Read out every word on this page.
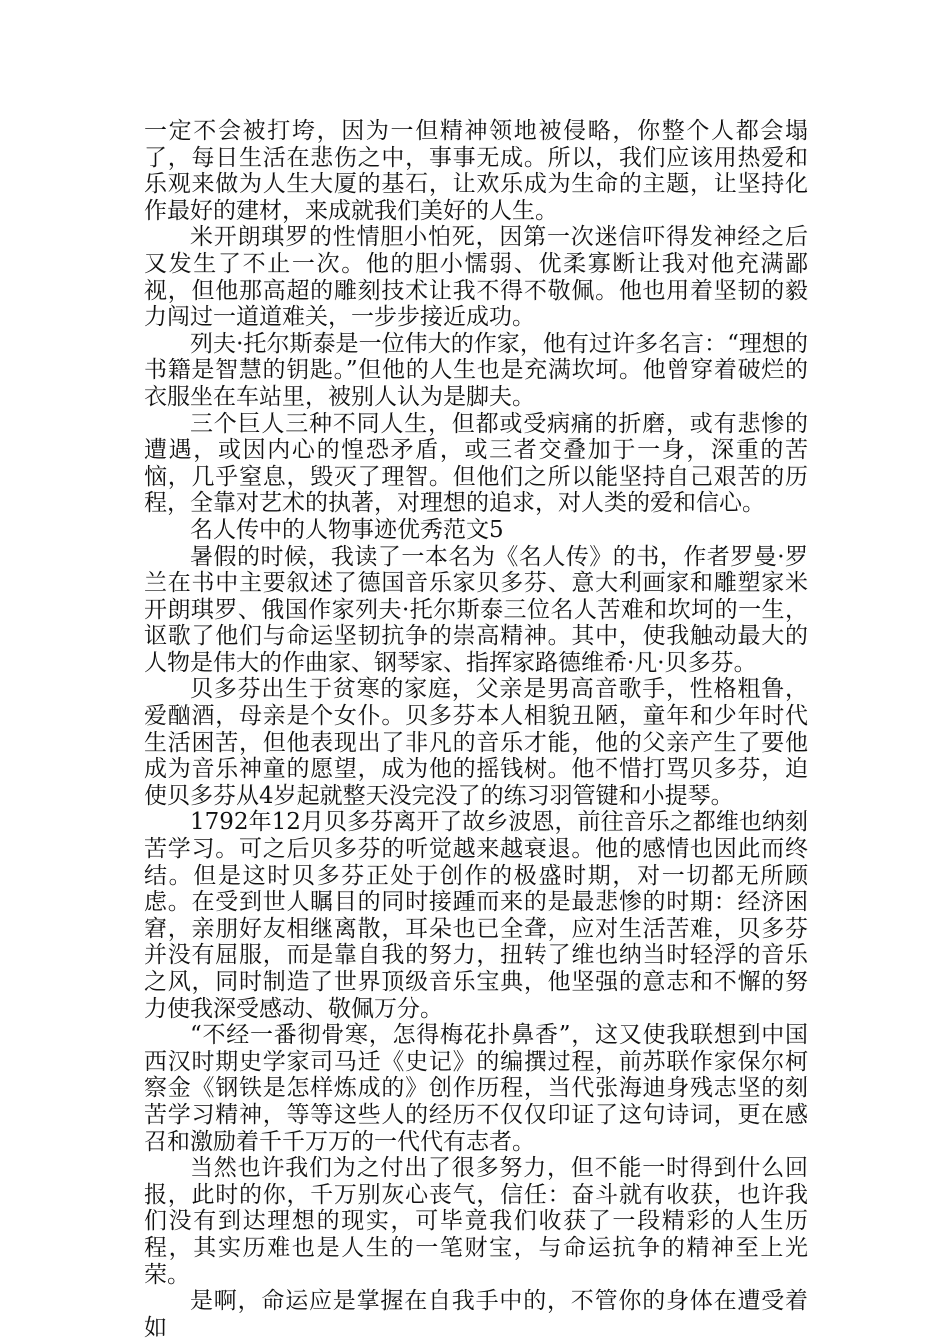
一定不会被打垮，因为一但精神领地被侵略，你整个人都会塌了，每日生活在悲伤之中，事事无成。所以，我们应该用热爱和乐观来做为人生大厦的基石，让欢乐成为生命的主题，让坚持化作最好的建材，来成就我们美好的人生。

米开朗琪罗的性情胆小怕死，因第一次迷信吓得发神经之后又发生了不止一次。他的胆小懦弱、优柔寡断让我对他充满鄙视，但他那高超的雕刻技术让我不得不敬佩。他也用着坚韧的毅力闯过一道道难关，一步步接近成功。

列夫·托尔斯泰是一位伟大的作家，他有过许多名言：“理想的书籍是智慧的钥匙。”但他的人生也是充满坎坷。他曾穿着破烂的衣服坐在车站里，被别人认为是脚夫。

三个巨人三种不同人生，但都或受病痛的折磨，或有悲惨的遭遇，或因内心的惶恐矛盾，或三者交叠加于一身，深重的苦恼，几乎窒息，毁灭了理智。但他们之所以能坚持自己艰苦的历程，全靠对艺术的执著，对理想的追求，对人类的爱和信心。

名人传中的人物事迹优秀范文5

暑假的时候，我读了一本名为《名人传》的书，作者罗曼·罗兰在书中主要叙述了德国音乐家贝多芬、意大利画家和雕塑家米开朗琪罗、俄国作家列夫·托尔斯泰三位名人苦难和坎坷的一生，讴歌了他们与命运坚韧抗争的崇高精神。其中，使我触动最大的人物是伟大的作曲家、钢琴家、指挥家路德维希·凡·贝多芬。

贝多芬出生于贫寒的家庭，父亲是男高音歌手，性格粗鲁，爱酗酒，母亲是个女仆。贝多芬本人相貌丑陋，童年和少年时代生活困苦，但他表现出了非凡的音乐才能，他的父亲产生了要他成为音乐神童的愿望，成为他的摇钱树。他不惜打骂贝多芬，迫使贝多芬从4岁起就整天没完没了的练习羽管键和小提琴。

1792年12月贝多芬离开了故乡波恩，前往音乐之都维也纳刻苦学习。可之后贝多芬的听觉越来越衰退。他的感情也因此而终结。但是这时贝多芬正处于创作的极盛时期，对一切都无所顾虑。在受到世人瞩目的同时接踵而来的是最悲惨的时期：经济困窘，亲朋好友相继离散，耳朵也已全聋，应对生活苦难，贝多芬并没有屈服，而是靠自我的努力，扭转了维也纳当时轻浮的音乐之风，同时制造了世界顶级音乐宝典，他坚强的意志和不懈的努力使我深受感动、敬佩万分。

“不经一番彻骨寒，怎得梅花扑鼻香”，这又使我联想到中国西汉时期史学家司马迁《史记》的编撰过程，前苏联作家保尔柯察金《钢铁是怎样炼成的》创作历程，当代张海迪身残志坚的刻苦学习精神，等等这些人的经历不仅仅印证了这句诗词，更在感召和激励着千千万万的一代代有志者。

当然也许我们为之付出了很多努力，但不能一时得到什么回报，此时的你，千万别灰心丧气，信任：奋斗就有收获，也许我们没有到达理想的现实，可毕竟我们收获了一段精彩的人生历程，其实历难也是人生的一笔财宝，与命运抗争的精神至上光荣。

是啊，命运应是掌握在自我手中的，不管你的身体在遭受着如
